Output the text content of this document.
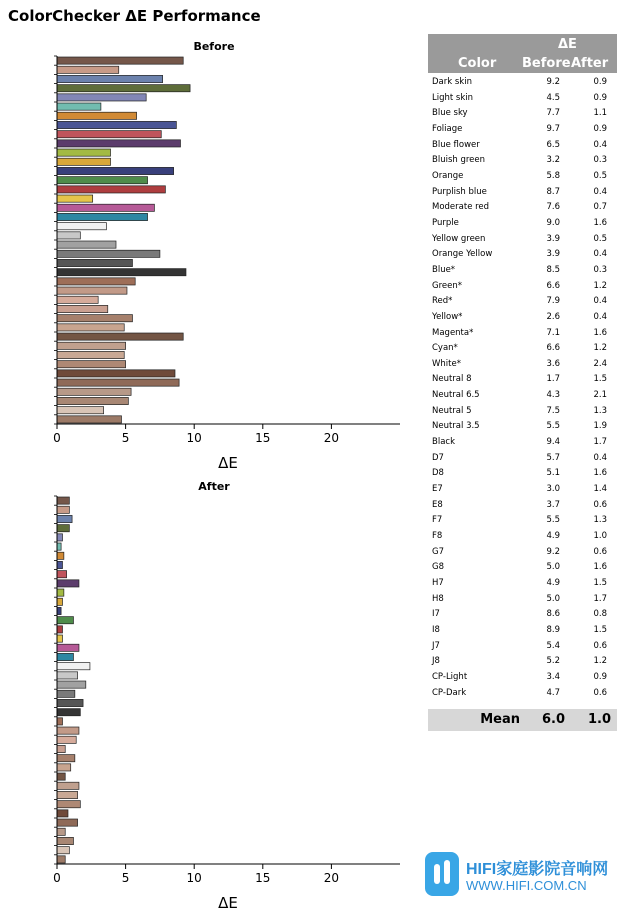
ColorChecker ΔE Performance
Before
0	5	10	15	20
ΔE
After
0	5	10	15	20
ΔE
ΔE
Color Before After
Dark skin	9.2	0.9
Light skin	4.5	0.9
Blue sky	7.7	1.1
Foliage	9.7	0.9
Blue flower	6.5	0.4
Bluish green	3.2	0.3
Orange	5.8	0.5
Purplish blue	8.7	0.4
Moderate red	7.6	0.7
Purple	9.0	1.6
Yellow green	3.9	0.5
Orange Yellow	3.9	0.4
Blue*	8.5	0.3
Green*	6.6	1.2
Red*	7.9	0.4
Yellow*	2.6	0.4
Magenta*	7.1	1.6
Cyan*	6.6	1.2
White*	3.6	2.4
Neutral 8	1.7	1.5
Neutral 6.5	4.3	2.1
Neutral 5	7.5	1.3
Neutral 3.5	5.5	1.9
Black	9.4	1.7
D7	5.7	0.4
D8	5.1	1.6
E7	3.0	1.4
E8	3.7	0.6
F7	5.5	1.3
F8	4.9	1.0
G7	9.2	0.6
G8	5.0	1.6
H7	4.9	1.5
H8	5.0	1.7
I7	8.6	0.8
I8	8.9	1.5
J7	5.4	0.6
J8	5.2	1.2
CP-Light	3.4	0.9
CP-Dark	4.7	0.6
Mean 6.0 1.0
HIFI家庭影院音响网
WWW.HIFI.COM.CN
